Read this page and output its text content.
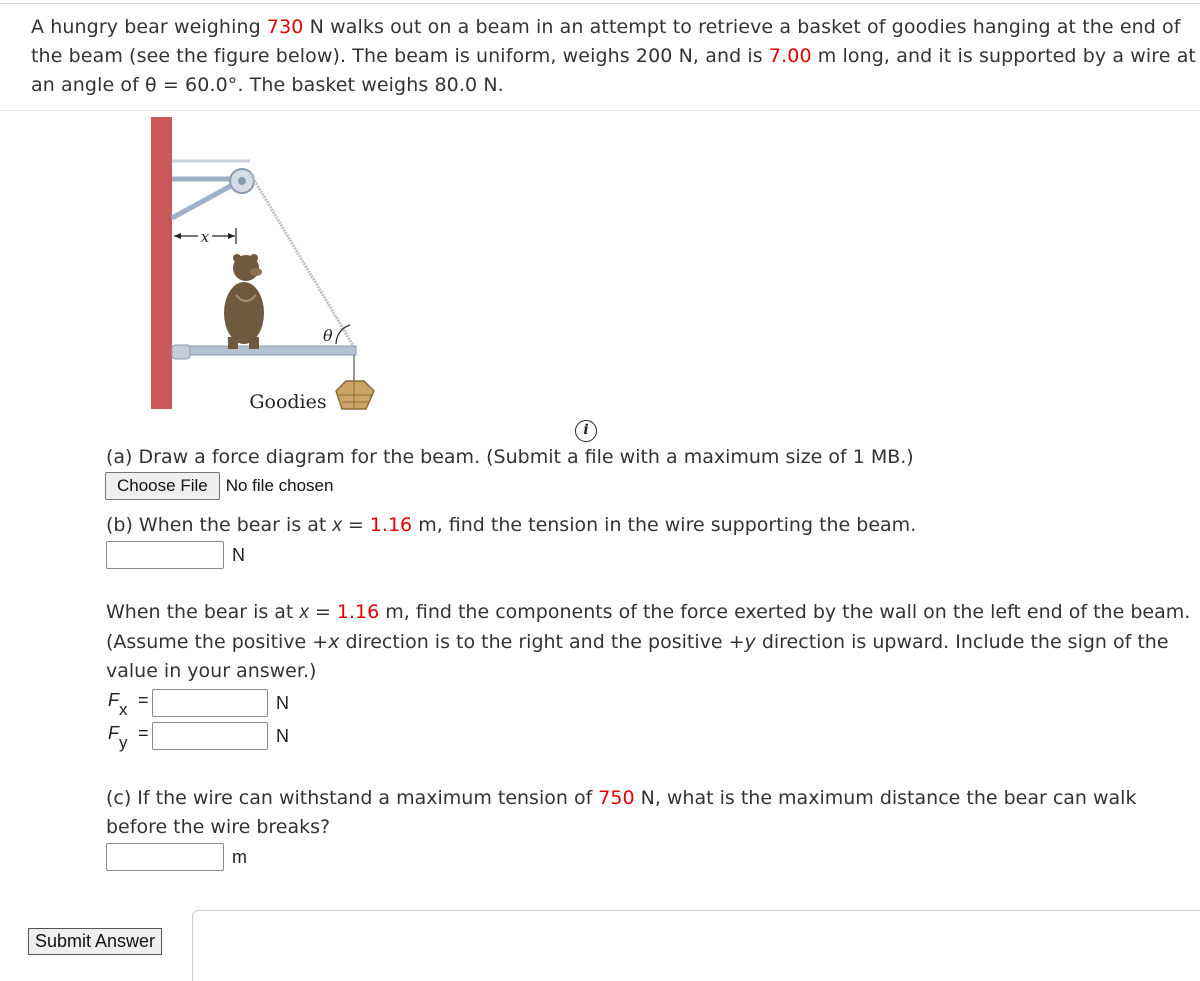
A hungry bear weighing 730 N walks out on a beam in an attempt to retrieve a basket of goodies hanging at the end of the beam (see the figure below). The beam is uniform, weighs 200 N, and is 7.00 m long, and it is supported by a wire at an angle of θ = 60.0°. The basket weighs 80.0 N.
x
θ
Goodies
i
(a) Draw a force diagram for the beam. (Submit a file with a maximum size of 1 MB.)
Choose File	No file chosen
(b) When the bear is at x = 1.16 m, find the tension in the wire supporting the beam.
N
When the bear is at x = 1.16 m, find the components of the force exerted by the wall on the left end of the beam. (Assume the positive +x direction is to the right and the positive +y direction is upward. Include the sign of the value in your answer.)
$F_x$ =	N
$F_y$ =	N
(c) If the wire can withstand a maximum tension of 750 N, what is the maximum distance the bear can walk before the wire breaks?
m
Submit Answer
